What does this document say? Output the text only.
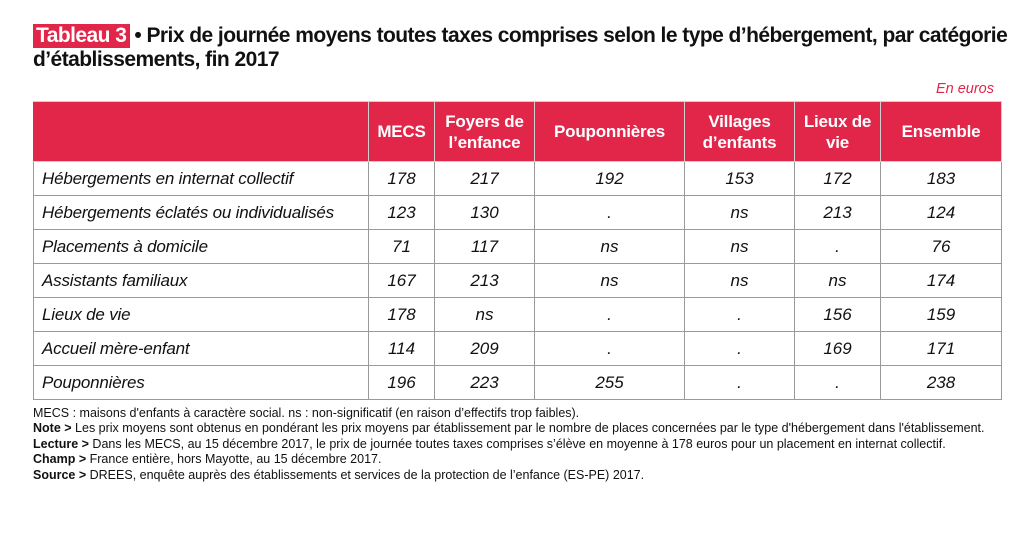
Tableau 3 • Prix de journée moyens toutes taxes comprises selon le type d’hébergement, par catégorie
d’établissements, fin 2017
En euros
	MECS	Foyers de l’enfance	Pouponnières	Villages d’enfants	Lieux de vie	Ensemble
Hébergements en internat collectif	178	217	192	153	172	183
Hébergements éclatés ou individualisés	123	130	.	ns	213	124
Placements à domicile	71	117	ns	ns	.	76
Assistants familiaux	167	213	ns	ns	ns	174
Lieux de vie	178	ns	.	.	156	159
Accueil mère-enfant	114	209	.	.	169	171
Pouponnières	196	223	255	.	.	238

MECS : maisons d'enfants à caractère social. ns : non-significatif (en raison d’effectifs trop faibles).

Note > Les prix moyens sont obtenus en pondérant les prix moyens par établissement par le nombre de places concernées par le type d'hébergement dans l'établissement.

Lecture > Dans les MECS, au 15 décembre 2017, le prix de journée toutes taxes comprises s’élève en moyenne à 178 euros pour un placement en internat collectif.

Champ > France entière, hors Mayotte, au 15 décembre 2017.

Source > DREES, enquête auprès des établissements et services de la protection de l’enfance (ES-PE) 2017.
